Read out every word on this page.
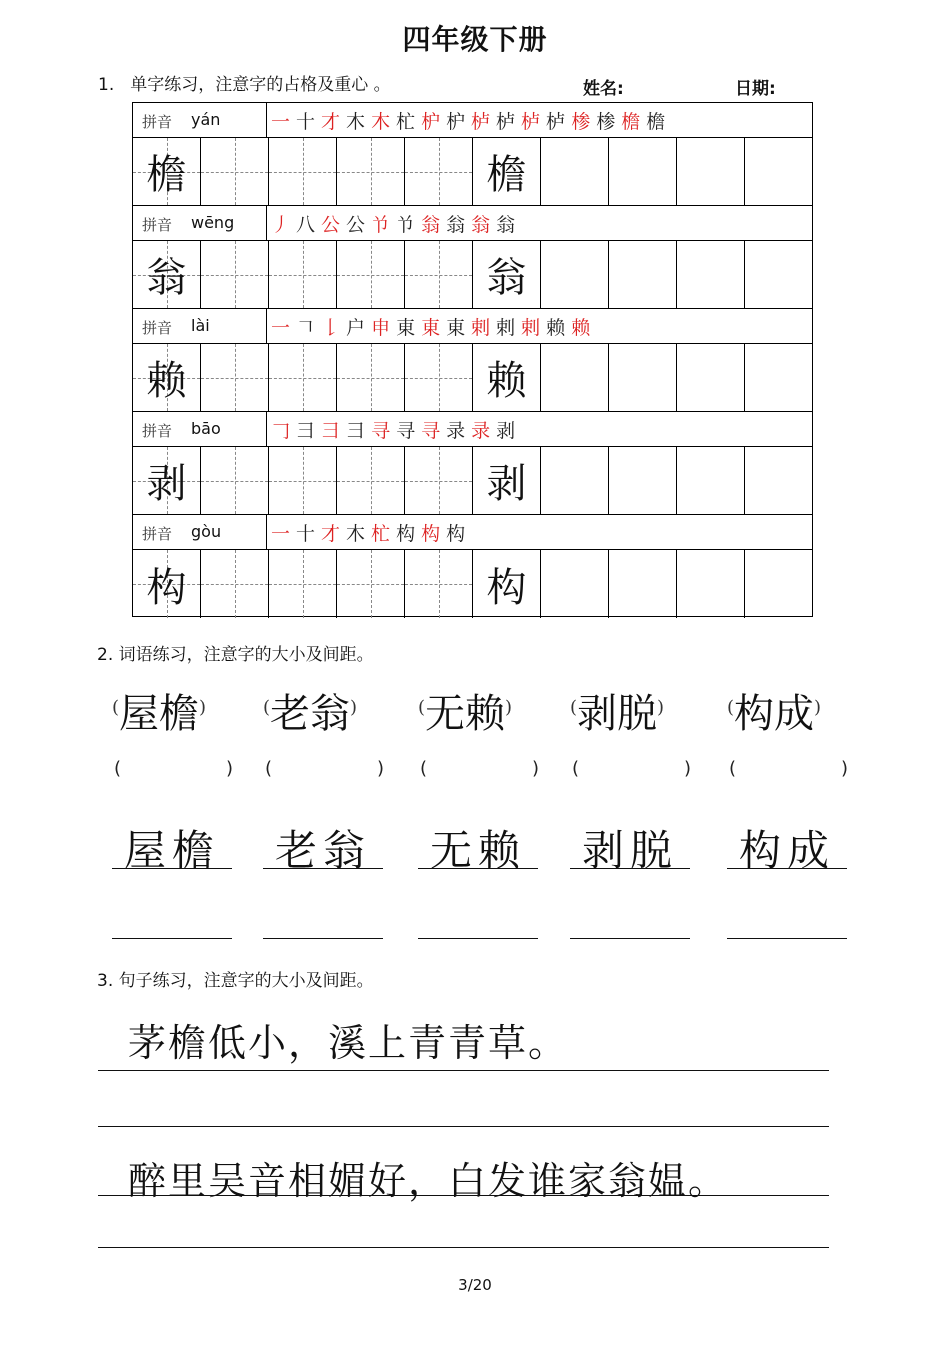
四年级下册
1. 单字练习，注意字的占格及重心 。	姓名:	日期:
拼音 yán	一十才木木杧枦枦栌栌栌栌椮椮檐檐
檐	檐
拼音 wēng 丿八公公兯兯翁翁翁翁
翁	翁
拼音 lài	一𠃍𠄌户申東東東剌剌剌赖赖
赖	赖
拼音 bāo	𠃌彐彐彐寻寻寻录录剥
剥	剥
拼音 gòu	一十才木杧构构构
构	构
2. 词语练习，注意字的大小及间距。
(屋檐)
(	)
屋檐
(老翁)
(	)
老翁
(无赖)
(	)
无赖
(剥脱)
(	)
剥脱
(构成)
(	)
构成
3. 句子练习，注意字的大小及间距。
茅檐低小，溪上青青草。
醉里吴音相媚好，白发谁家翁媪。
3/20
